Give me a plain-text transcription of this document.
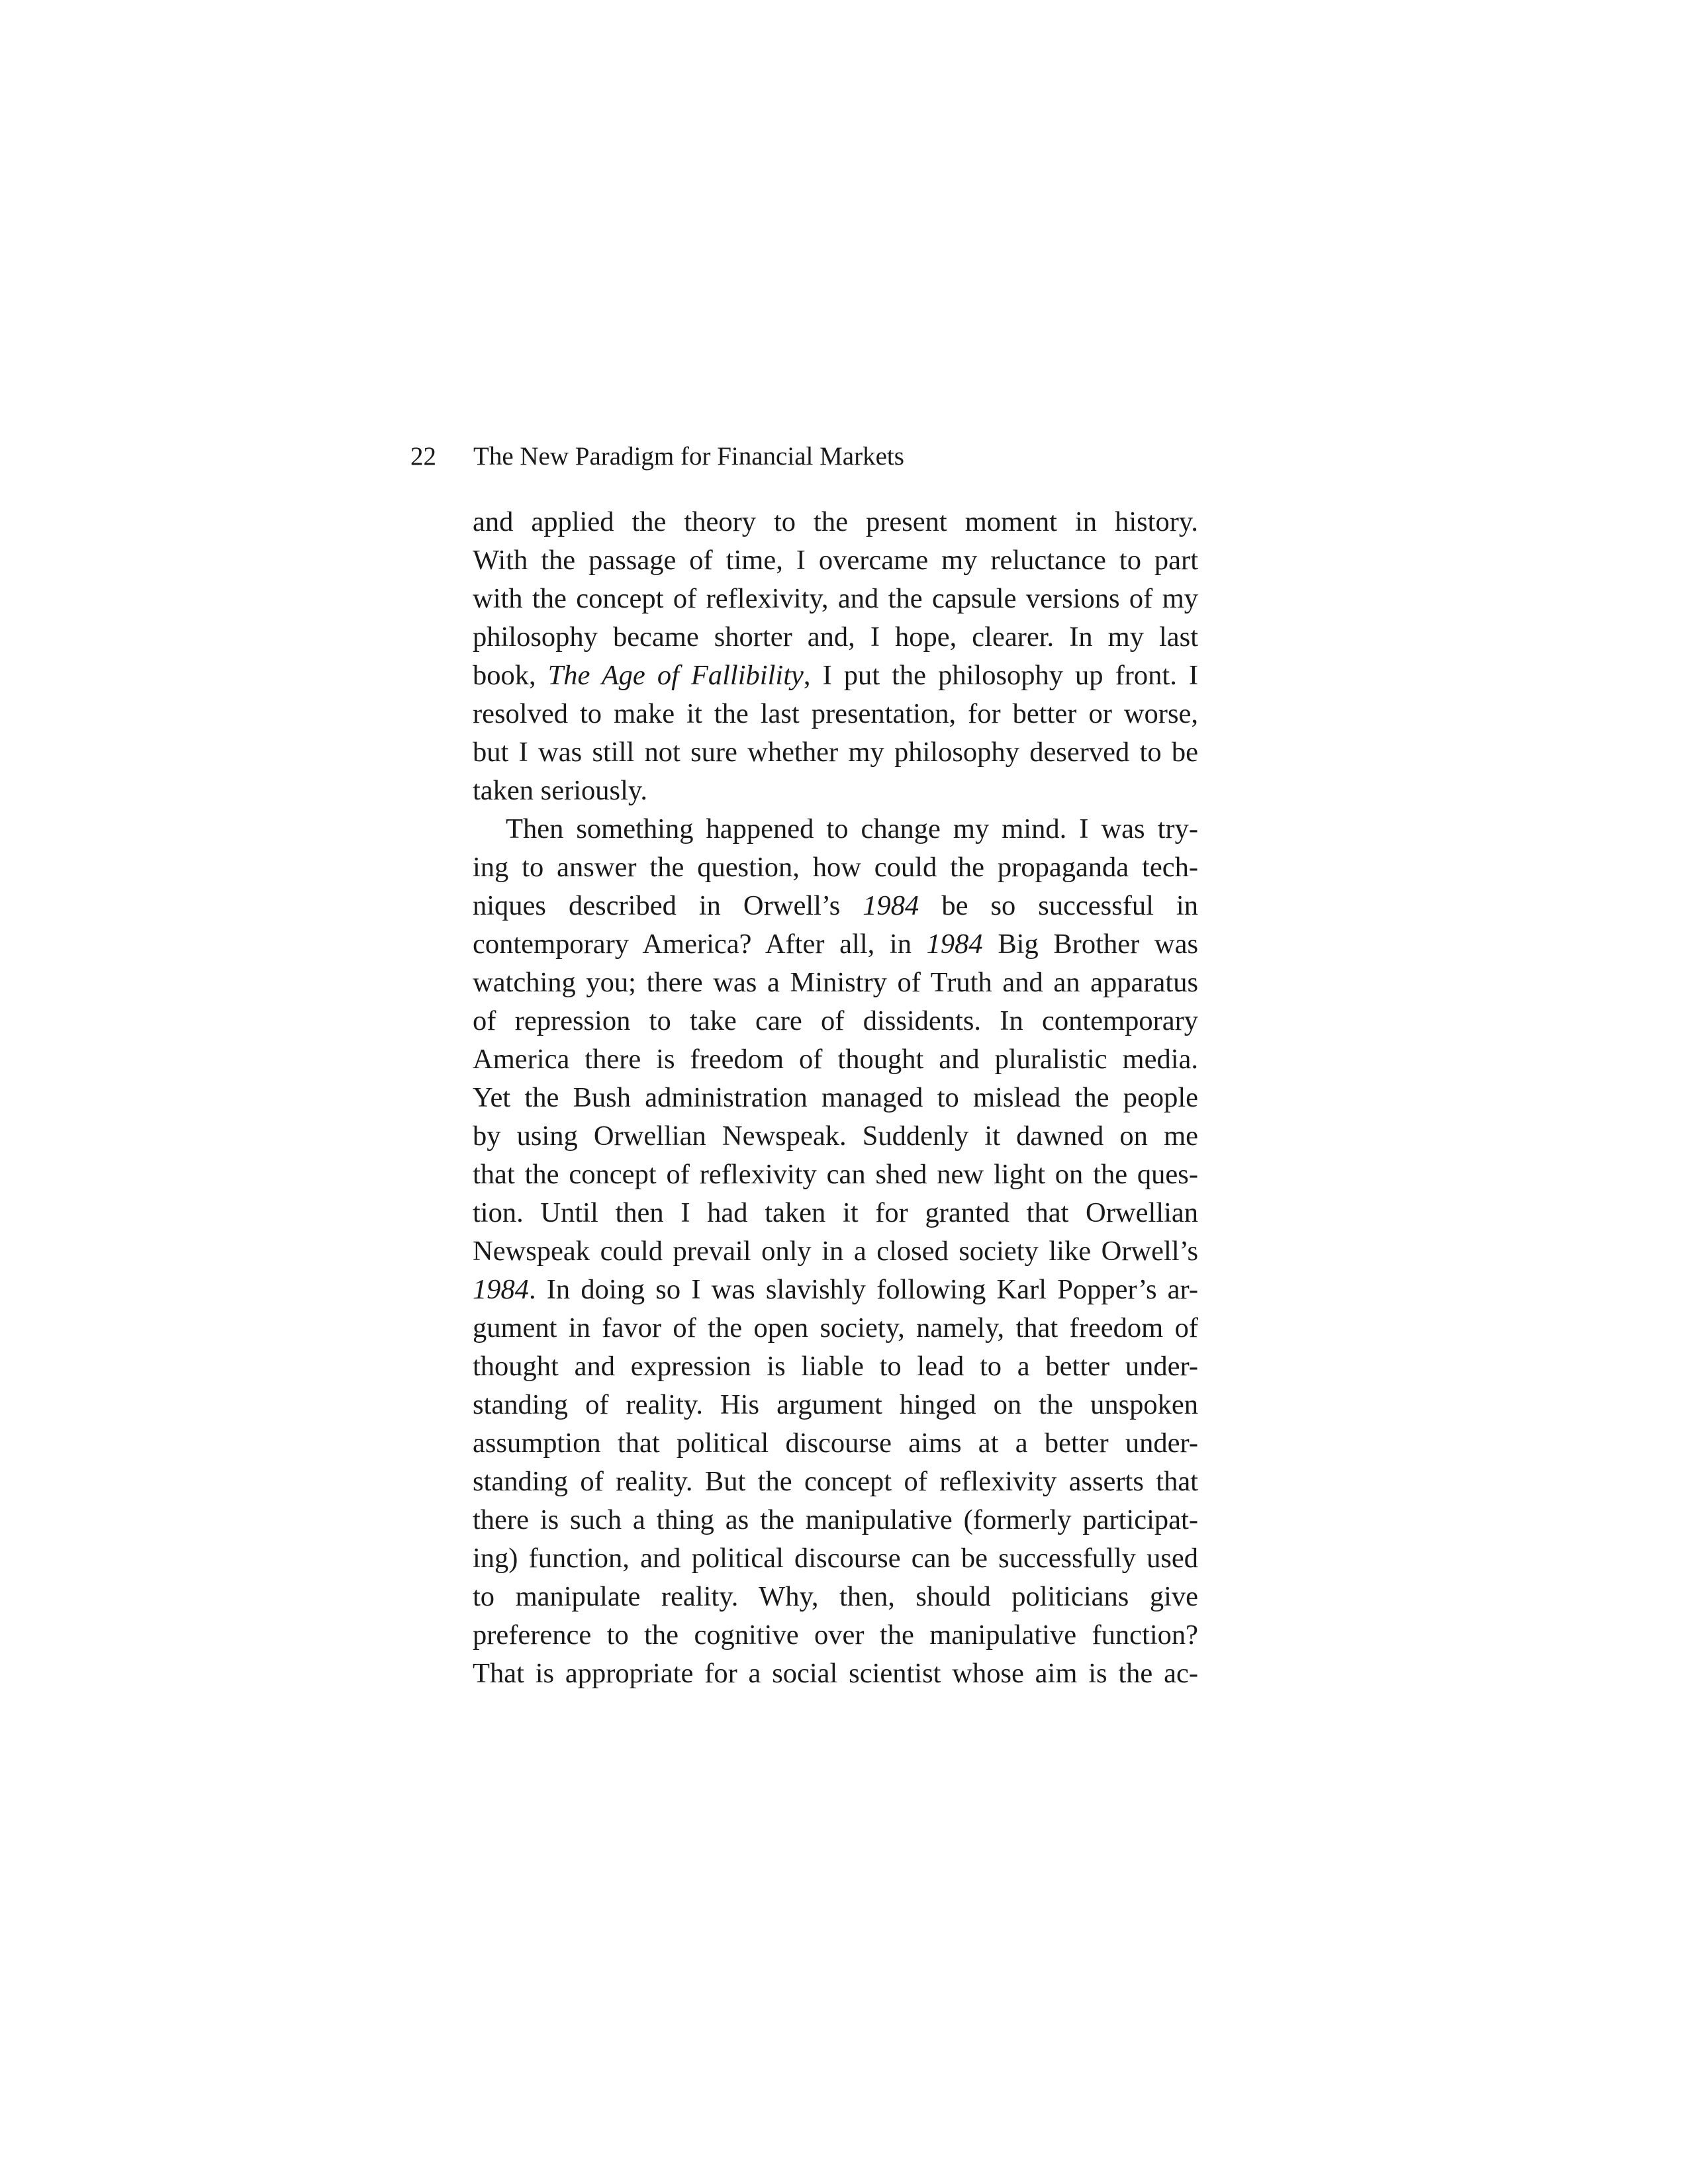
22 The New Paradigm for Financial Markets
and applied the theory to the present moment in history.
With the passage of time, I overcame my reluctance to part
with the concept of reflexivity, and the capsule versions of my
philosophy became shorter and, I hope, clearer. In my last
book, The Age of Fallibility, I put the philosophy up front. I
resolved to make it the last presentation, for better or worse,
but I was still not sure whether my philosophy deserved to be
taken seriously.
Then something happened to change my mind. I was try-
ing to answer the question, how could the propaganda tech-
niques described in Orwell’s 1984 be so successful in
contemporary America? After all, in 1984 Big Brother was
watching you; there was a Ministry of Truth and an apparatus
of repression to take care of dissidents. In contemporary
America there is freedom of thought and pluralistic media.
Yet the Bush administration managed to mislead the people
by using Orwellian Newspeak. Suddenly it dawned on me
that the concept of reflexivity can shed new light on the ques-
tion. Until then I had taken it for granted that Orwellian
Newspeak could prevail only in a closed society like Orwell’s
1984. In doing so I was slavishly following Karl Popper’s ar-
gument in favor of the open society, namely, that freedom of
thought and expression is liable to lead to a better under-
standing of reality. His argument hinged on the unspoken
assumption that political discourse aims at a better under-
standing of reality. But the concept of reflexivity asserts that
there is such a thing as the manipulative (formerly participat-
ing) function, and political discourse can be successfully used
to manipulate reality. Why, then, should politicians give
preference to the cognitive over the manipulative function?
That is appropriate for a social scientist whose aim is the ac-
